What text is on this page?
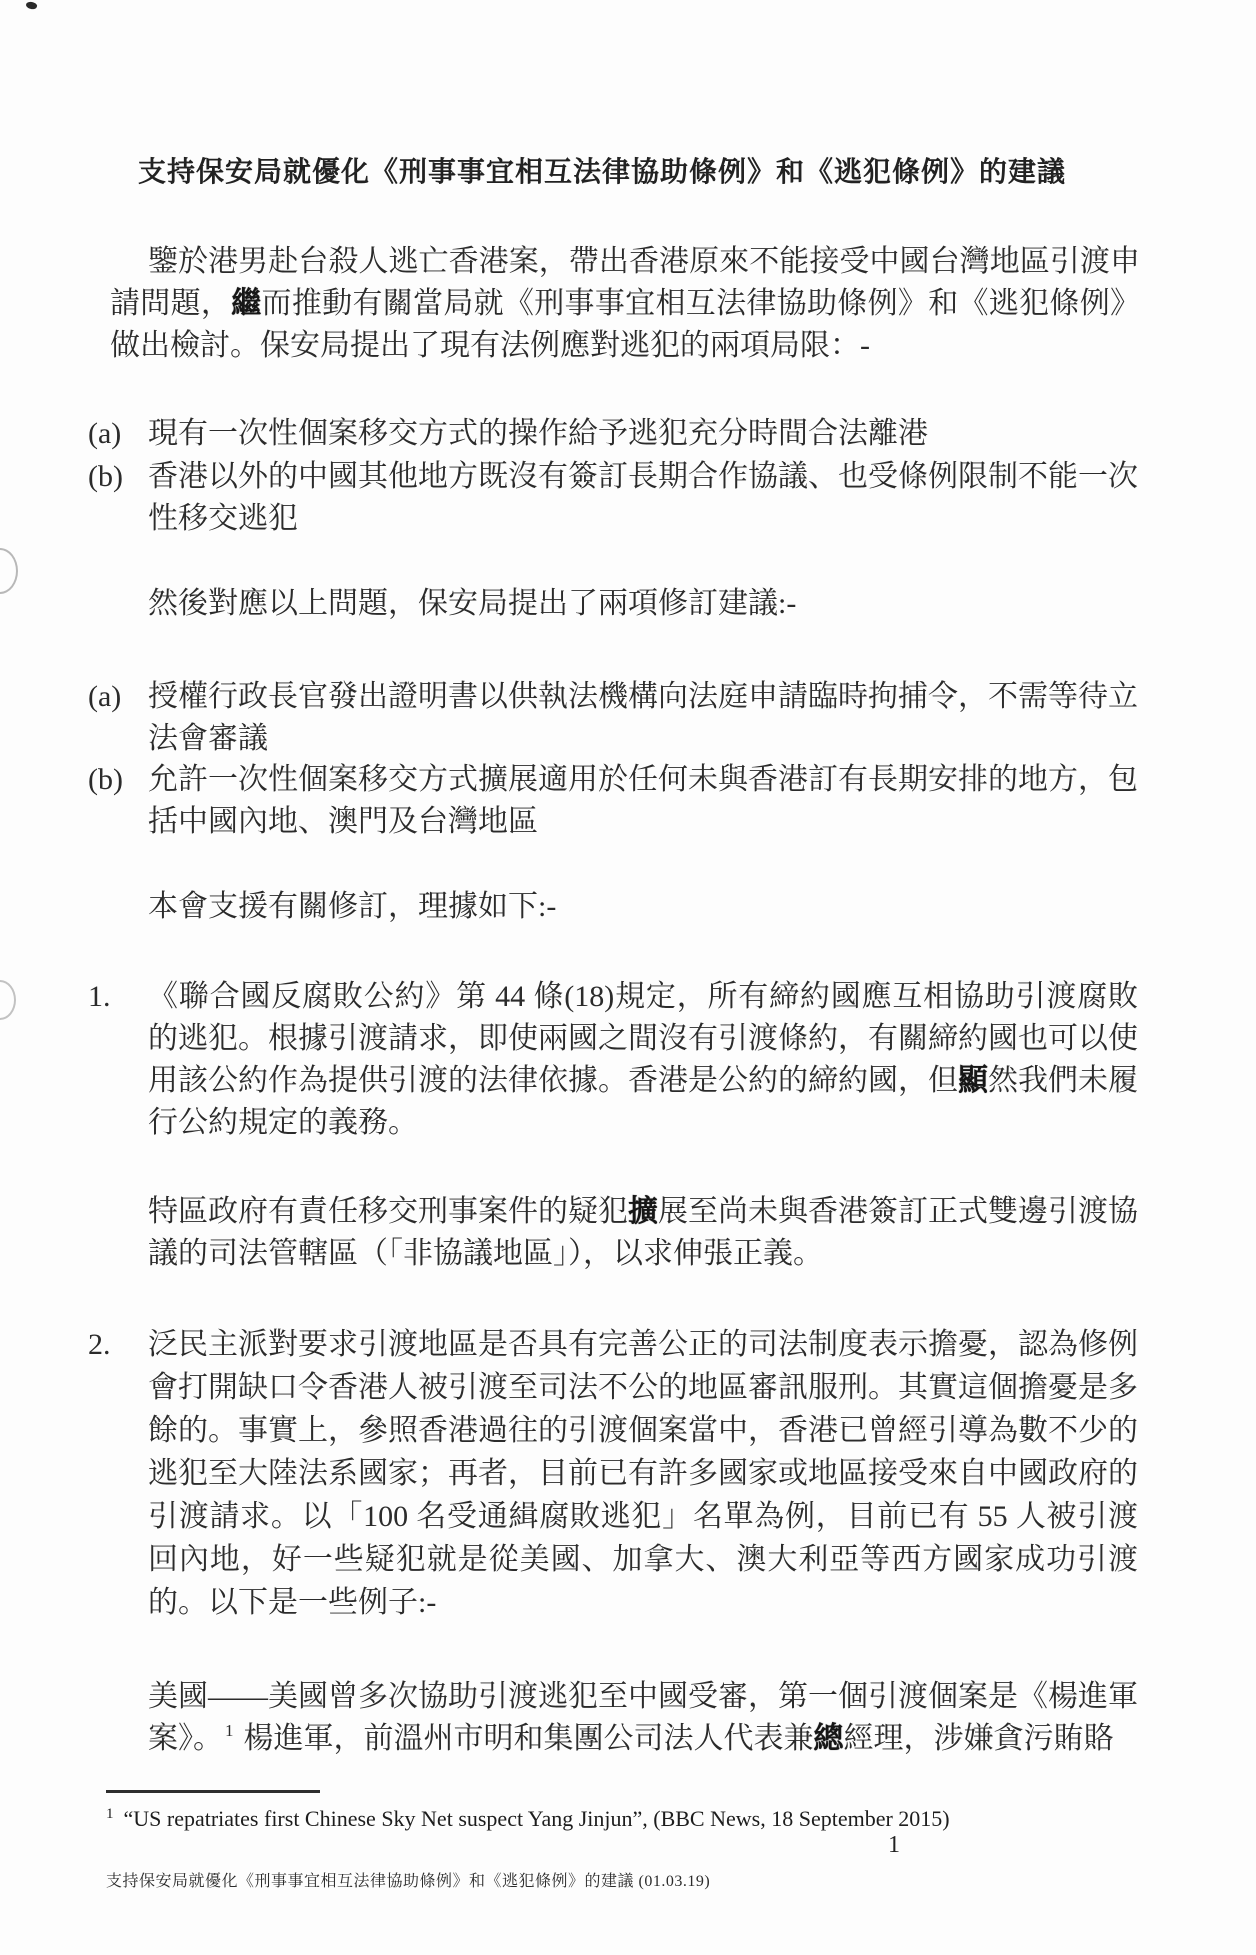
支持保安局就優化《刑事事宜相互法律協助條例》和《逃犯條例》的建議

鑒於港男赴台殺人逃亡香港案，帶出香港原來不能接受中國台灣地區引渡申請問題，繼而推動有關當局就《刑事事宜相互法律協助條例》和《逃犯條例》做出檢討。保安局提出了現有法例應對逃犯的兩項局限：-

(a) 現有一次性個案移交方式的操作給予逃犯充分時間合法離港
(b) 香港以外的中國其他地方既沒有簽訂長期合作協議、也受條例限制不能一次性移交逃犯

然後對應以上問題，保安局提出了兩項修訂建議:-

(a) 授權行政長官發出證明書以供執法機構向法庭申請臨時拘捕令，不需等待立法會審議
(b) 允許一次性個案移交方式擴展適用於任何未與香港訂有長期安排的地方，包括中國內地、澳門及台灣地區

本會支援有關修訂，理據如下:-

1. 《聯合國反腐敗公約》第 44 條(18)規定，所有締約國應互相協助引渡腐敗的逃犯。根據引渡請求，即使兩國之間沒有引渡條約，有關締約國也可以使用該公約作為提供引渡的法律依據。香港是公約的締約國，但顯然我們未履行公約規定的義務。
特區政府有責任移交刑事案件的疑犯擴展至尚未與香港簽訂正式雙邊引渡協議的司法管轄區（「非協議地區」），以求伸張正義。
2. 泛民主派對要求引渡地區是否具有完善公正的司法制度表示擔憂，認為修例會打開缺口令香港人被引渡至司法不公的地區審訊服刑。其實這個擔憂是多餘的。事實上，參照香港過往的引渡個案當中，香港已曾經引導為數不少的逃犯至大陸法系國家；再者，目前已有許多國家或地區接受來自中國政府的引渡請求。以「100 名受通緝腐敗逃犯」名單為例，目前已有 55 人被引渡回內地，好一些疑犯就是從美國、加拿大、澳大利亞等西方國家成功引渡的。以下是一些例子:-
美國——美國曾多次協助引渡逃犯至中國受審，第一個引渡個案是《楊進軍案》。 $^1$ 楊進軍，前溫州市明和集團公司法人代表兼總經理，涉嫌貪污賄賂

$^1$ “US repatriates first Chinese Sky Net suspect Yang Jinjun”, (BBC News, 18 September 2015)

1

支持保安局就優化《刑事事宜相互法律協助條例》和《逃犯條例》的建議 (01.03.19)
